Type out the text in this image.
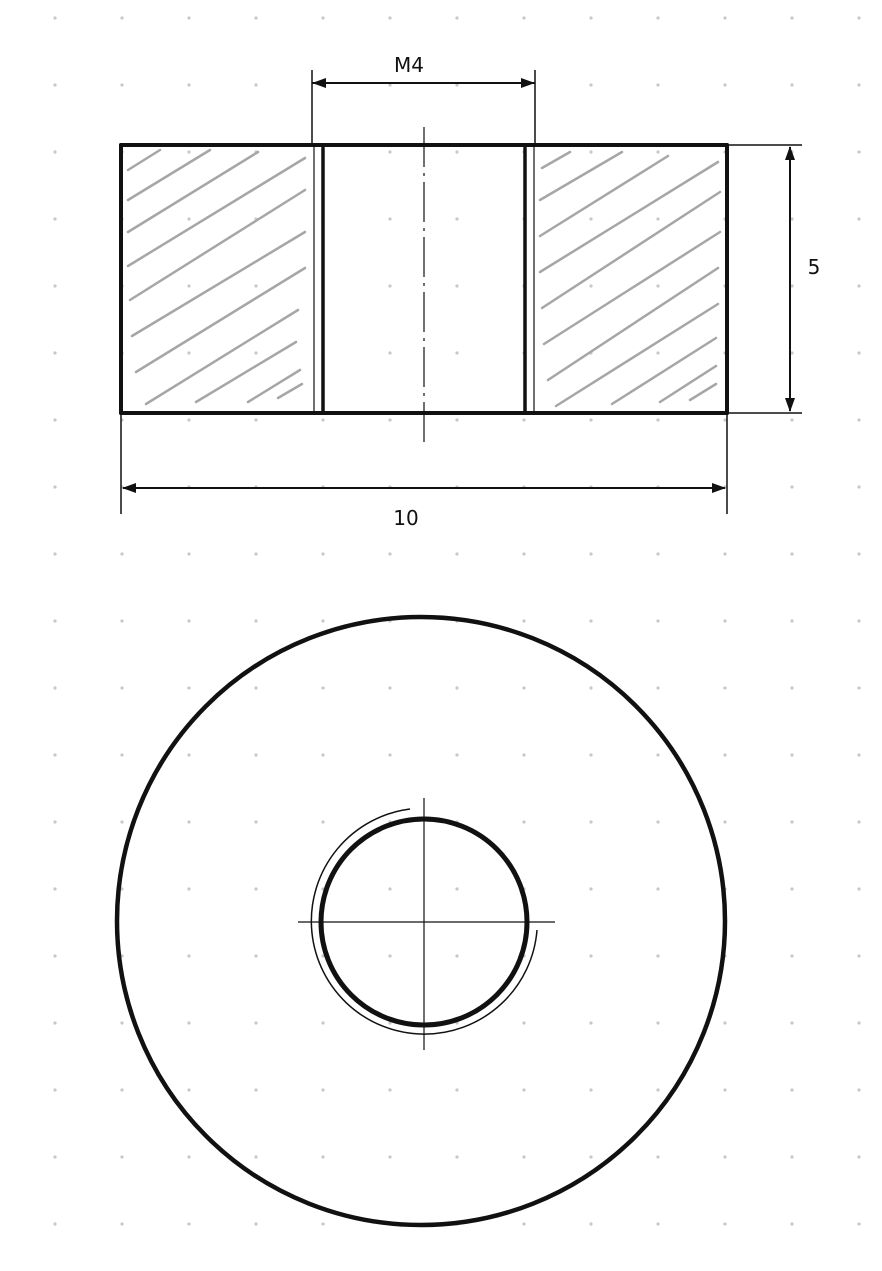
M4
5
10
